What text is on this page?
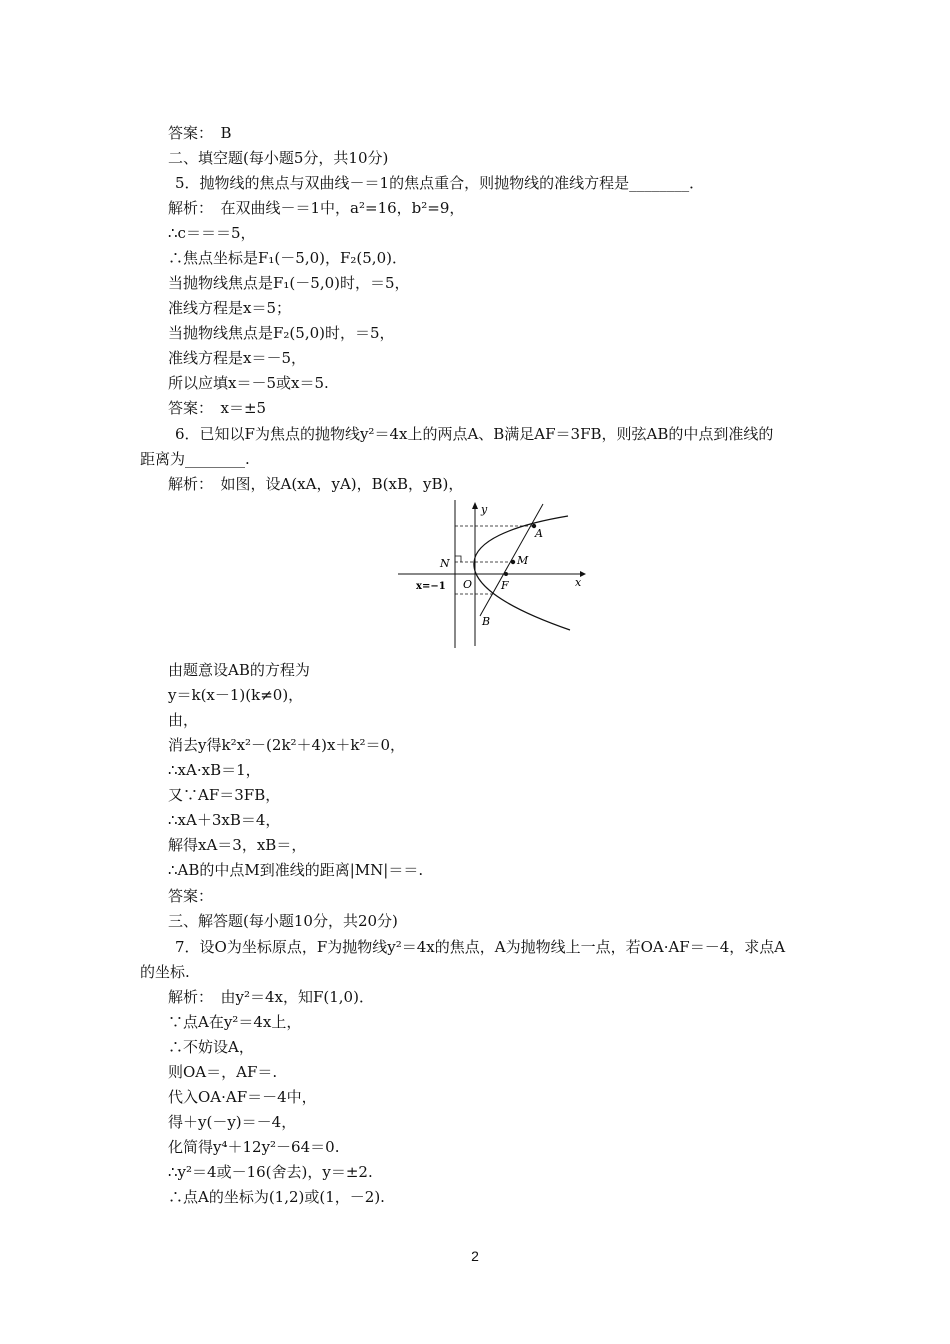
答案：　B
二、填空题(每小题5分，共10分)
5．抛物线的焦点与双曲线－＝1的焦点重合，则抛物线的准线方程是________．
解析：　在双曲线－＝1中，a²=16，b²=9，
∴c＝＝＝5，
∴焦点坐标是F₁(－5,0)，F₂(5,0)．
当抛物线焦点是F₁(－5,0)时，＝5，
准线方程是x＝5；
当抛物线焦点是F₂(5,0)时，＝5，
准线方程是x＝－5，
所以应填x＝－5或x＝5.
答案：　x＝±5
6．已知以F为焦点的抛物线y²＝4x上的两点A、B满足AF＝3FB，则弦AB的中点到准线的
距离为________.
解析：　如图，设A(xA，yA)，B(xB，yB)，
y
x
A
M
N
O	F
B
x=−1
由题意设AB的方程为
y＝k(x－1)(k≠0)，
由，
消去y得k²x²－(2k²＋4)x＋k²＝0，
∴xA·xB＝1，
又∵AF＝3FB，
∴xA＋3xB＝4，
解得xA＝3，xB＝，
∴AB的中点M到准线的距离|MN|＝＝.
答案：
三、解答题(每小题10分，共20分)
7．设O为坐标原点，F为抛物线y²＝4x的焦点，A为抛物线上一点，若OA·AF＝－4，求点A
的坐标.
解析：　由y²＝4x，知F(1,0)．
∵点A在y²＝4x上，
∴不妨设A，
则OA＝，AF＝.
代入OA·AF＝－4中，
得＋y(－y)＝－4，
化简得y⁴＋12y²－64＝0.
∴y²＝4或－16(舍去)，y＝±2.
∴点A的坐标为(1,2)或(1，－2).
2
